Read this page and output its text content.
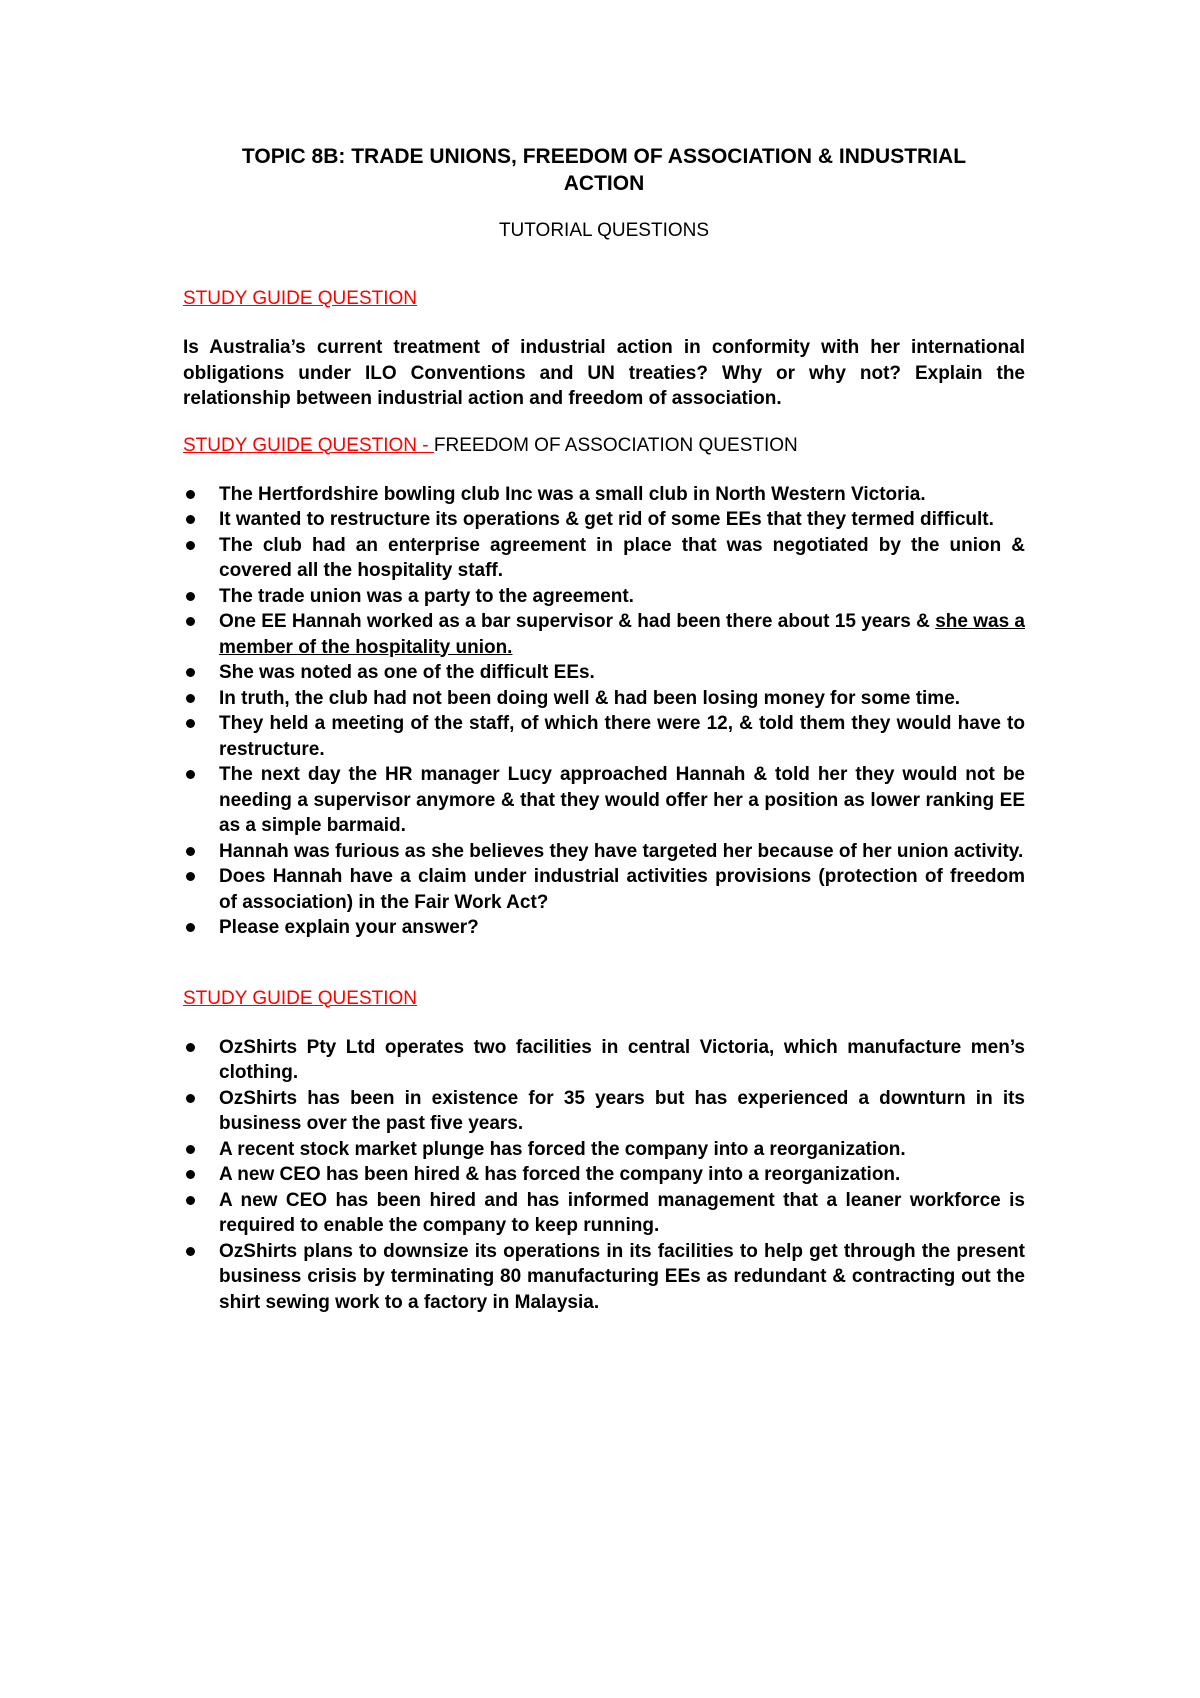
TOPIC 8B: TRADE UNIONS, FREEDOM OF ASSOCIATION & INDUSTRIAL
ACTION

TUTORIAL QUESTIONS

STUDY GUIDE QUESTION

Is Australia’s current treatment of industrial action in conformity with her international obligations under ILO Conventions and UN treaties? Why or why not? Explain the relationship between industrial action and freedom of association.

STUDY GUIDE QUESTION - FREEDOM OF ASSOCIATION QUESTION

The Hertfordshire bowling club Inc was a small club in North Western Victoria.
It wanted to restructure its operations & get rid of some EEs that they termed difficult.
The club had an enterprise agreement in place that was negotiated by the union & covered all the hospitality staff.
The trade union was a party to the agreement.
One EE Hannah worked as a bar supervisor & had been there about 15 years & she was a member of the hospitality union.
She was noted as one of the difficult EEs.
In truth, the club had not been doing well & had been losing money for some time.
They held a meeting of the staff, of which there were 12, & told them they would have to restructure.
The next day the HR manager Lucy approached Hannah & told her they would not be needing a supervisor anymore & that they would offer her a position as lower ranking EE as a simple barmaid.
Hannah was furious as she believes they have targeted her because of her union activity.
Does Hannah have a claim under industrial activities provisions (protection of freedom of association) in the Fair Work Act?
Please explain your answer?

STUDY GUIDE QUESTION

OzShirts Pty Ltd operates two facilities in central Victoria, which manufacture men’s clothing.
OzShirts has been in existence for 35 years but has experienced a downturn in its business over the past five years.
A recent stock market plunge has forced the company into a reorganization.
A new CEO has been hired & has forced the company into a reorganization.
A new CEO has been hired and has informed management that a leaner workforce is required to enable the company to keep running.
OzShirts plans to downsize its operations in its facilities to help get through the present business crisis by terminating 80 manufacturing EEs as redundant & contracting out the shirt sewing work to a factory in Malaysia.
